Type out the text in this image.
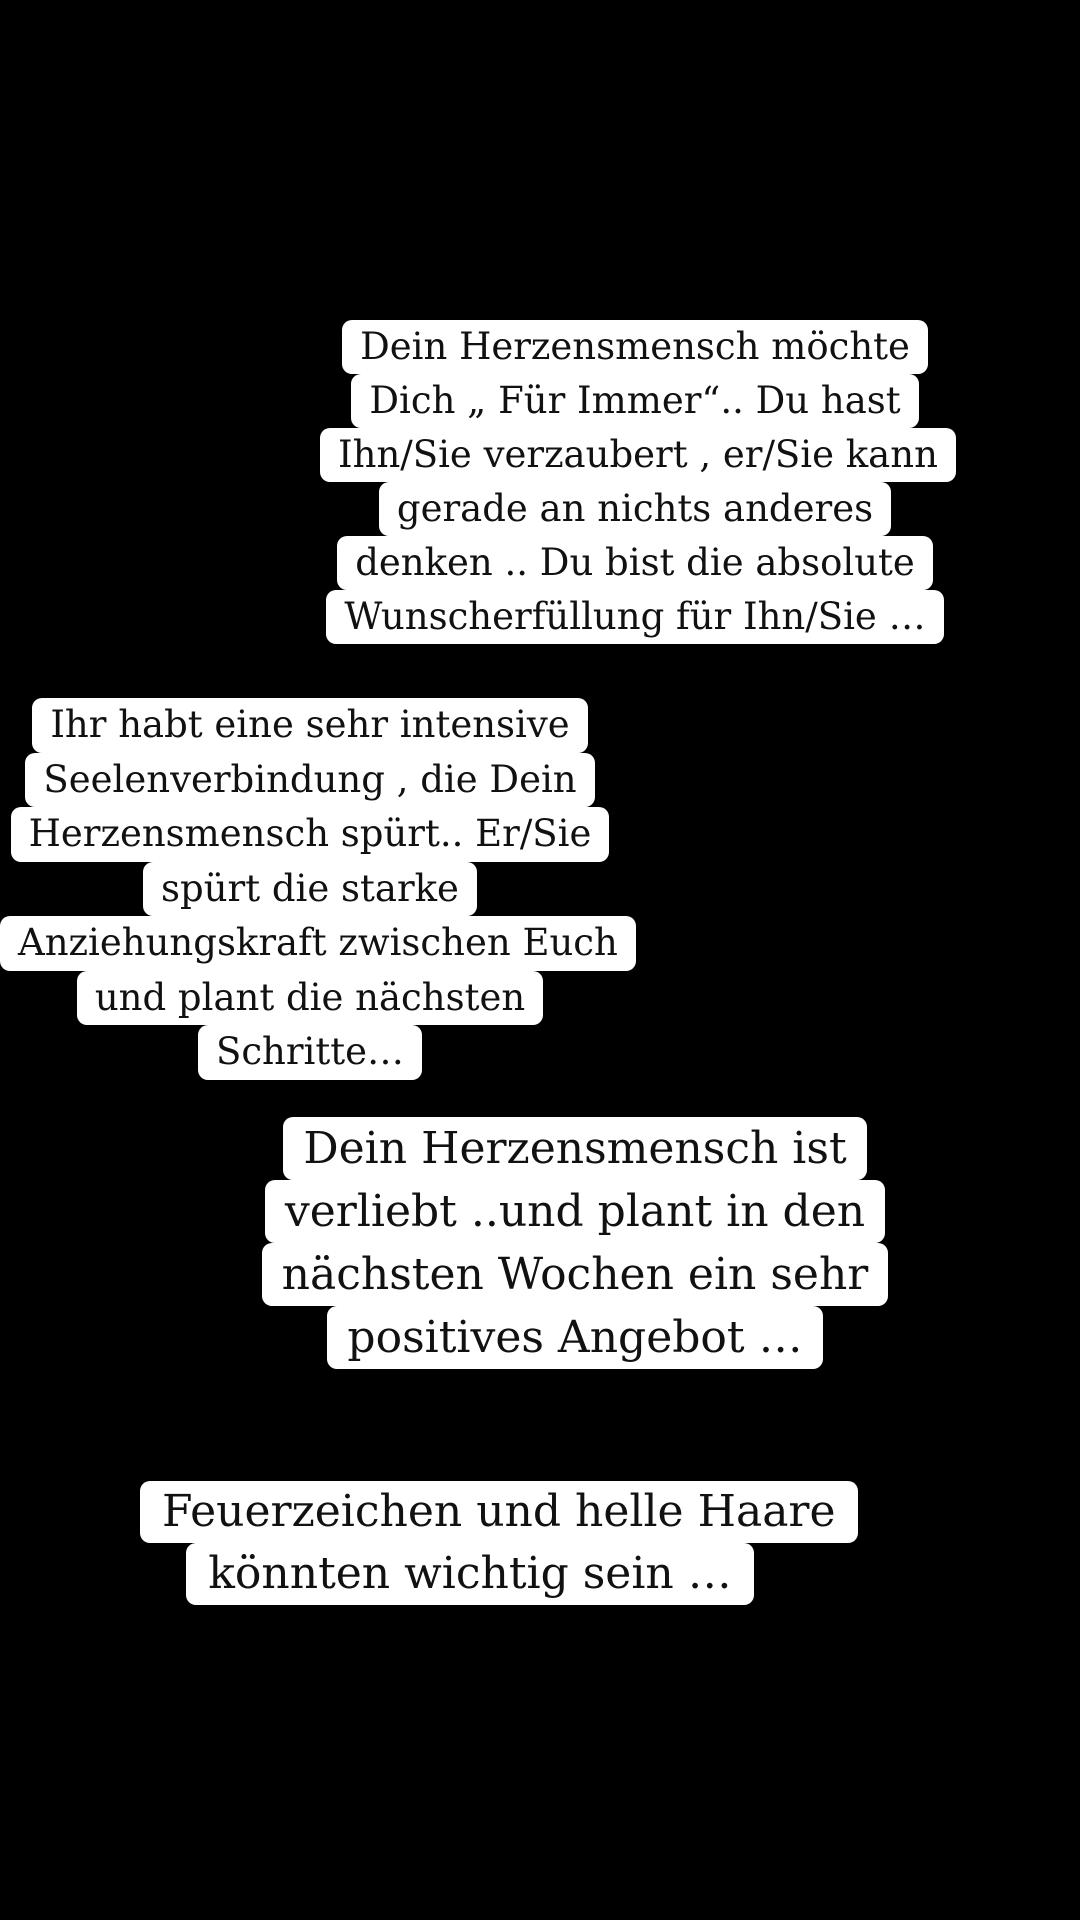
Dein Herzensmensch möchte
Dich „ Für Immer“.. Du hast
Ihn/Sie verzaubert , er/Sie kann
gerade an nichts anderes
denken .. Du bist die absolute
Wunscherfüllung für Ihn/Sie …
Ihr habt eine sehr intensive
Seelenverbindung , die Dein
Herzensmensch spürt.. Er/Sie
spürt die starke
Anziehungskraft zwischen Euch
und plant die nächsten
Schritte…
Dein Herzensmensch ist
verliebt ..und plant in den
nächsten Wochen ein sehr
positives Angebot …
Feuerzeichen und helle Haare
könnten wichtig sein …
